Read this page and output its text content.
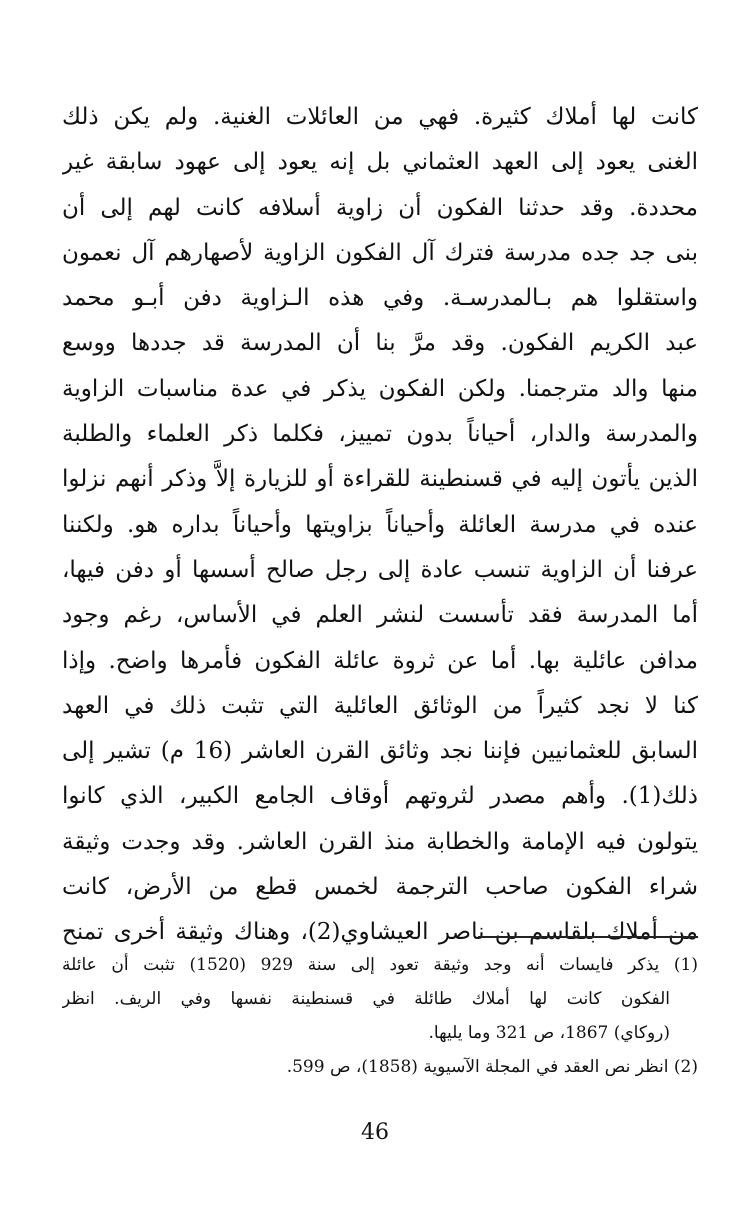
كانت لها أملاك كثيرة. فهي من العائلات الغنية. ولم يكن ذلك
الغنى يعود إلى العهد العثماني بل إنه يعود إلى عهود سابقة غير
محددة. وقد حدثنا الفكون أن زاوية أسلافه كانت لهم إلى أن
بنى جد جده مدرسة فترك آل الفكون الزاوية لأصهارهم آل نعمون
واستقلوا هم بـالمدرسـة. وفي هذه الـزاوية دفن أبـو محمد
عبد الكريم الفكون. وقد مرَّ بنا أن المدرسة قد جددها ووسع
منها والد مترجمنا. ولكن الفكون يذكر في عدة مناسبات الزاوية
والمدرسة والدار، أحياناً بدون تمييز، فكلما ذكر العلماء والطلبة
الذين يأتون إليه في قسنطينة للقراءة أو للزيارة إلاَّ وذكر أنهم نزلوا
عنده في مدرسة العائلة وأحياناً بزاويتها وأحياناً بداره هو. ولكننا
عرفنا أن الزاوية تنسب عادة إلى رجل صالح أسسها أو دفن فيها،
أما المدرسة فقد تأسست لنشر العلم في الأساس، رغم وجود
مدافن عائلية بها. أما عن ثروة عائلة الفكون فأمرها واضح. وإذا
كنا لا نجد كثيراً من الوثائق العائلية التي تثبت ذلك في العهد
السابق للعثمانيين فإننا نجد وثائق القرن العاشر (16 م) تشير إلى
ذلك(1). وأهم مصدر لثروتهم أوقاف الجامع الكبير، الذي كانوا
يتولون فيه الإمامة والخطابة منذ القرن العاشر. وقد وجدت وثيقة
شراء الفكون صاحب الترجمة لخمس قطع من الأرض، كانت
من أملاك بلقاسم بن ناصر العيشاوي(2)، وهناك وثيقة أخرى تمنح
(1) يذكر فايسات أنه وجد وثيقة تعود إلى سنة 929 (1520) تثبت أن عائلة
الفكون كانت لها أملاك طائلة في قسنطينة نفسها وفي الريف. انظر
(روكاي) 1867، ص 321 وما يليها.
(2) انظر نص العقد في المجلة الآسيوية (1858)، ص 599.
46
